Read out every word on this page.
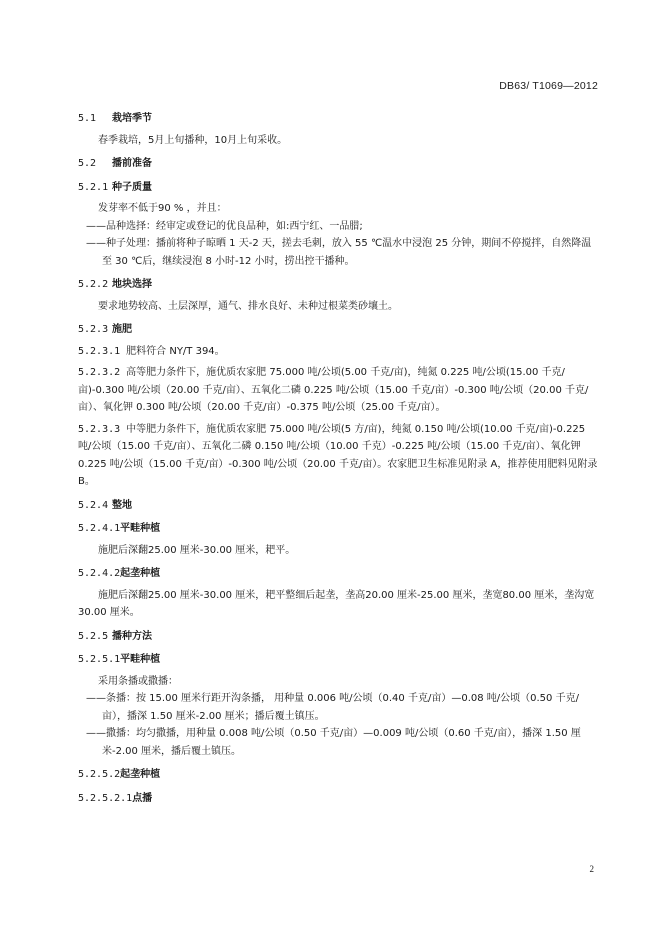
DB63/ T1069—2012
5.1 栽培季节
春季栽培，5月上旬播种，10月上旬采收。
5.2 播前准备
5.2.1 种子质量
发芽率不低于90 % ，并且：
——品种选择：经审定或登记的优良品种，如:西宁红、一品腊;
——种子处理：播前将种子晾晒 1 天-2 天，搓去毛刺，放入 55 ℃温水中浸泡 25 分钟，期间不停搅拌，自然降温至 30 ℃后，继续浸泡 8 小时-12 小时，捞出控干播种。
5.2.2 地块选择
要求地势较高、土层深厚，通气、排水良好、未种过根菜类砂壤土。
5.2.3 施肥
5.2.3.1 肥料符合 NY/T 394。
5.2.3.2 高等肥力条件下，施优质农家肥 75.000 吨/公顷(5.00 千克/亩)，纯氮 0.225 吨/公顷(15.00 千克/亩)-0.300 吨/公顷（20.00 千克/亩）、五氧化二磷 0.225 吨/公顷（15.00 千克/亩）-0.300 吨/公顷（20.00 千克/亩）、氧化钾 0.300 吨/公顷（20.00 千克/亩）-0.375 吨/公顷（25.00 千克/亩）。
5.2.3.3 中等肥力条件下，施优质农家肥 75.000 吨/公顷(5 方/亩)，纯氮 0.150 吨/公顷(10.00 千克/亩)-0.225 吨/公顷（15.00 千克/亩）、五氧化二磷 0.150 吨/公顷（10.00 千克）-0.225 吨/公顷（15.00 千克/亩）、氧化钾 0.225 吨/公顷（15.00 千克/亩）-0.300 吨/公顷（20.00 千克/亩）。农家肥卫生标准见附录 A，推荐使用肥料见附录 B。
5.2.4 整地
5.2.4.1平畦种植
施肥后深翻25.00 厘米-30.00 厘米，耙平。
5.2.4.2起垄种植
施肥后深翻25.00 厘米-30.00 厘米，耙平整细后起垄，垄高20.00 厘米-25.00 厘米，垄宽80.00 厘米，垄沟宽30.00 厘米。
5.2.5 播种方法
5.2.5.1平畦种植
采用条播或撒播：
——条播：按 15.00 厘米行距开沟条播， 用种量 0.006 吨/公顷（0.40 千克/亩）—0.08 吨/公顷（0.50 千克/亩），播深 1.50 厘米-2.00 厘米；播后覆土镇压。
——撒播：均匀撒播，用种量 0.008 吨/公顷（0.50 千克/亩）—0.009 吨/公顷（0.60 千克/亩），播深 1.50 厘米-2.00 厘米，播后覆土镇压。
5.2.5.2起垄种植
5.2.5.2.1点播
2
